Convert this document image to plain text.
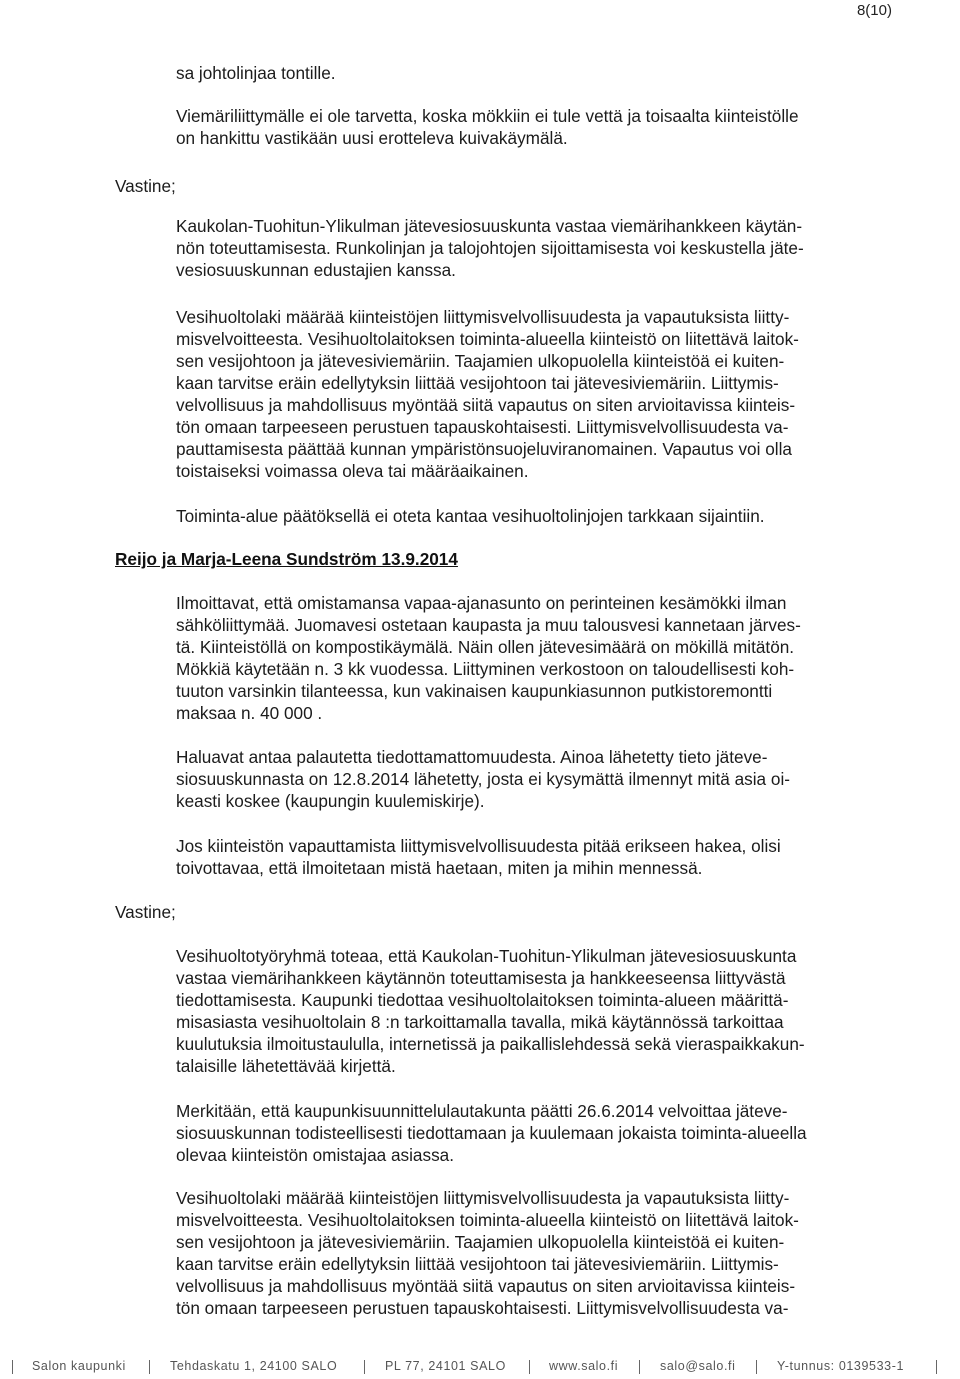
8(10)
sa johtolinjaa tontille.
Viemäriliittymälle ei ole tarvetta, koska mökkiin ei tule vettä ja toisaalta kiinteistölle
on hankittu vastikään uusi erotteleva kuivakäymälä.
Vastine;
Kaukolan-Tuohitun-Ylikulman jätevesiosuuskunta vastaa viemärihankkeen käytän-
nön toteuttamisesta. Runkolinjan ja talojohtojen sijoittamisesta voi keskustella jäte-
vesiosuuskunnan edustajien kanssa.
Vesihuoltolaki määrää kiinteistöjen liittymisvelvollisuudesta ja vapautuksista liitty-
misvelvoitteesta. Vesihuoltolaitoksen toiminta-alueella kiinteistö on liitettävä laitok-
sen vesijohtoon ja jätevesiviemäriin. Taajamien ulkopuolella kiinteistöä ei kuiten-
kaan tarvitse eräin edellytyksin liittää vesijohtoon tai jätevesiviemäriin. Liittymis-
velvollisuus ja mahdollisuus myöntää siitä vapautus on siten arvioitavissa kiinteis-
tön omaan tarpeeseen perustuen tapauskohtaisesti. Liittymisvelvollisuudesta va-
pauttamisesta päättää kunnan ympäristönsuojeluviranomainen. Vapautus voi olla
toistaiseksi voimassa oleva tai määräaikainen.
Toiminta-alue päätöksellä ei oteta kantaa vesihuoltolinjojen tarkkaan sijaintiin.
Reijo ja Marja-Leena Sundström 13.9.2014
Ilmoittavat, että omistamansa vapaa-ajanasunto on perinteinen kesämökki ilman
sähköliittymää. Juomavesi ostetaan kaupasta ja muu talousvesi kannetaan järves-
tä. Kiinteistöllä on kompostikäymälä. Näin ollen jätevesimäärä on mökillä mitätön.
Mökkiä käytetään n. 3 kk vuodessa. Liittyminen verkostoon on taloudellisesti koh-
tuuton varsinkin tilanteessa, kun vakinaisen kaupunkiasunnon putkistoremontti
maksaa n. 40 000 .
Haluavat antaa palautetta tiedottamattomuudesta. Ainoa lähetetty tieto jäteve-
siosuuskunnasta on 12.8.2014 lähetetty, josta ei kysymättä ilmennyt mitä asia oi-
keasti koskee (kaupungin kuulemiskirje).
Jos kiinteistön vapauttamista liittymisvelvollisuudesta pitää erikseen hakea, olisi
toivottavaa, että ilmoitetaan mistä haetaan, miten ja mihin mennessä.
Vastine;
Vesihuoltotyöryhmä toteaa, että Kaukolan-Tuohitun-Ylikulman jätevesiosuuskunta
vastaa viemärihankkeen käytännön toteuttamisesta ja hankkeeseensa liittyvästä
tiedottamisesta. Kaupunki tiedottaa vesihuoltolaitoksen toiminta-alueen määrittä-
misasiasta vesihuoltolain 8 :n tarkoittamalla tavalla, mikä käytännössä tarkoittaa
kuulutuksia ilmoitustaululla, internetissä ja paikallislehdessä sekä vieraspaikkakun-
talaisille lähetettävää kirjettä.
Merkitään, että kaupunkisuunnittelulautakunta päätti 26.6.2014 velvoittaa jäteve-
siosuuskunnan todisteellisesti tiedottamaan ja kuulemaan jokaista toiminta-alueella
olevaa kiinteistön omistajaa asiassa.
Vesihuoltolaki määrää kiinteistöjen liittymisvelvollisuudesta ja vapautuksista liitty-
misvelvoitteesta. Vesihuoltolaitoksen toiminta-alueella kiinteistö on liitettävä laitok-
sen vesijohtoon ja jätevesiviemäriin. Taajamien ulkopuolella kiinteistöä ei kuiten-
kaan tarvitse eräin edellytyksin liittää vesijohtoon tai jätevesiviemäriin. Liittymis-
velvollisuus ja mahdollisuus myöntää siitä vapautus on siten arvioitavissa kiinteis-
tön omaan tarpeeseen perustuen tapauskohtaisesti. Liittymisvelvollisuudesta va-
Salon kaupunki	Tehdaskatu 1, 24100 SALO	PL 77, 24101 SALO	www.salo.fi	salo@salo.fi	Y-tunnus: 0139533-1
